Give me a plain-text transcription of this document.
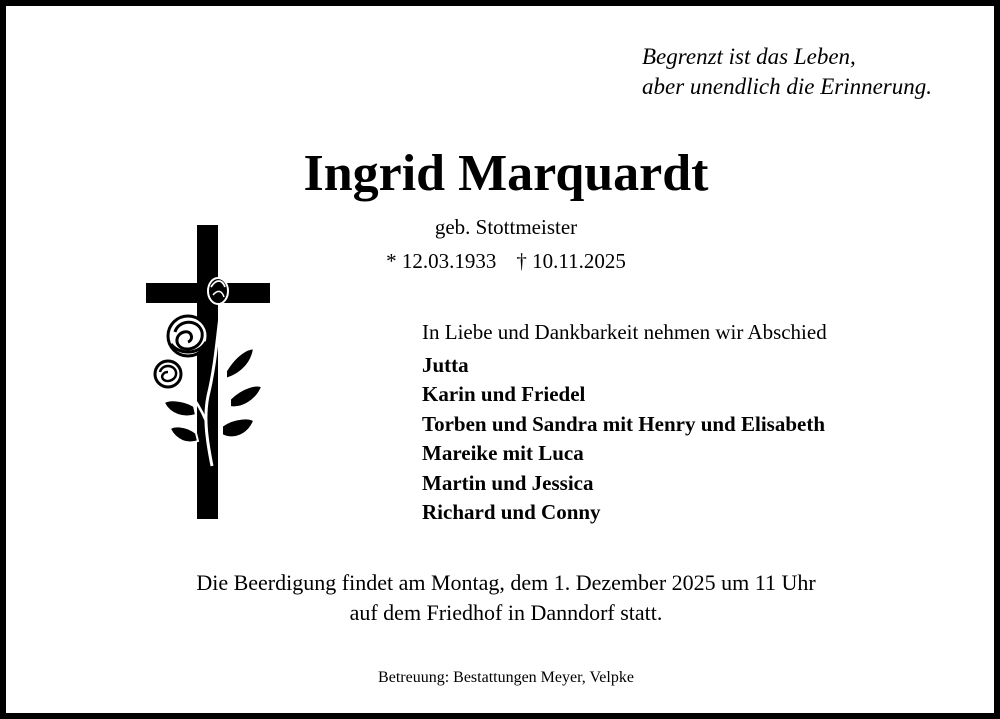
Begrenzt ist das Leben,
aber unendlich die Erinnerung.
Ingrid Marquardt
geb. Stottmeister
* 12.03.1933 † 10.11.2025
In Liebe und Dankbarkeit nehmen wir Abschied
Jutta
Karin und Friedel
Torben und Sandra mit Henry und Elisabeth
Mareike mit Luca
Martin und Jessica
Richard und Conny
Die Beerdigung findet am Montag, dem 1. Dezember 2025 um 11 Uhr
auf dem Friedhof in Danndorf statt.
Betreuung: Bestattungen Meyer, Velpke
